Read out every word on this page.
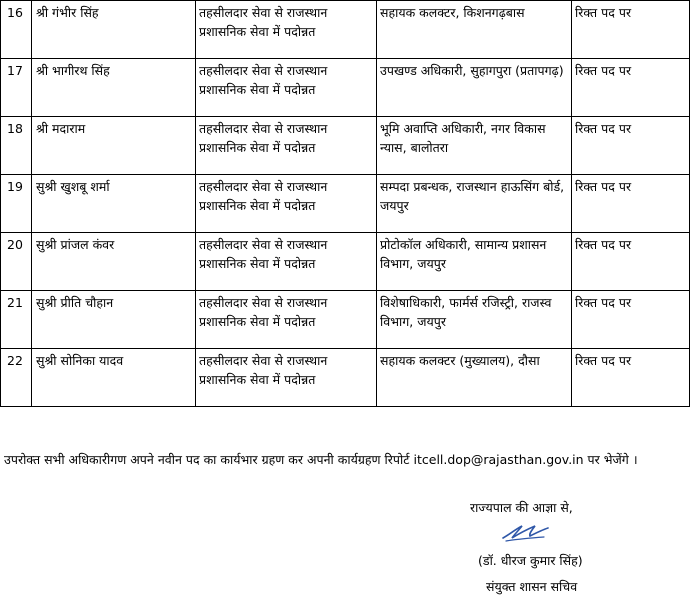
16	श्री गंभीर सिंह	तहसीलदार सेवा से राजस्थान प्रशासनिक सेवा में पदोन्नत	सहायक कलक्टर, किशनगढ़बास	रिक्त पद पर
17	श्री भागीरथ सिंह	तहसीलदार सेवा से राजस्थान प्रशासनिक सेवा में पदोन्नत	उपखण्ड अधिकारी, सुहागपुरा (प्रतापगढ़)	रिक्त पद पर
18	श्री मदाराम	तहसीलदार सेवा से राजस्थान प्रशासनिक सेवा में पदोन्नत	भूमि अवाप्ति अधिकारी, नगर विकास न्यास, बालोतरा	रिक्त पद पर
19	सुश्री खुशबू शर्मा	तहसीलदार सेवा से राजस्थान प्रशासनिक सेवा में पदोन्नत	सम्पदा प्रबन्धक, राजस्थान हाऊसिंग बोर्ड, जयपुर	रिक्त पद पर
20	सुश्री प्रांजल कंवर	तहसीलदार सेवा से राजस्थान प्रशासनिक सेवा में पदोन्नत	प्रोटोकॉल अधिकारी, सामान्य प्रशासन विभाग, जयपुर	रिक्त पद पर
21	सुश्री प्रीति चौहान	तहसीलदार सेवा से राजस्थान प्रशासनिक सेवा में पदोन्नत	विशेषाधिकारी, फार्मर्स रजिस्ट्री, राजस्व विभाग, जयपुर	रिक्त पद पर
22	सुश्री सोनिका यादव	तहसीलदार सेवा से राजस्थान प्रशासनिक सेवा में पदोन्नत	सहायक कलक्टर (मुख्यालय), दौसा	रिक्त पद पर
उपरोक्त सभी अधिकारीगण अपने नवीन पद का कार्यभार ग्रहण कर अपनी कार्यग्रहण रिपोर्ट itcell.dop@rajasthan.gov.in पर भेजेंगे ।
राज्यपाल की आज्ञा से,
(डॉ. धीरज कुमार सिंह)
संयुक्त शासन सचिव
